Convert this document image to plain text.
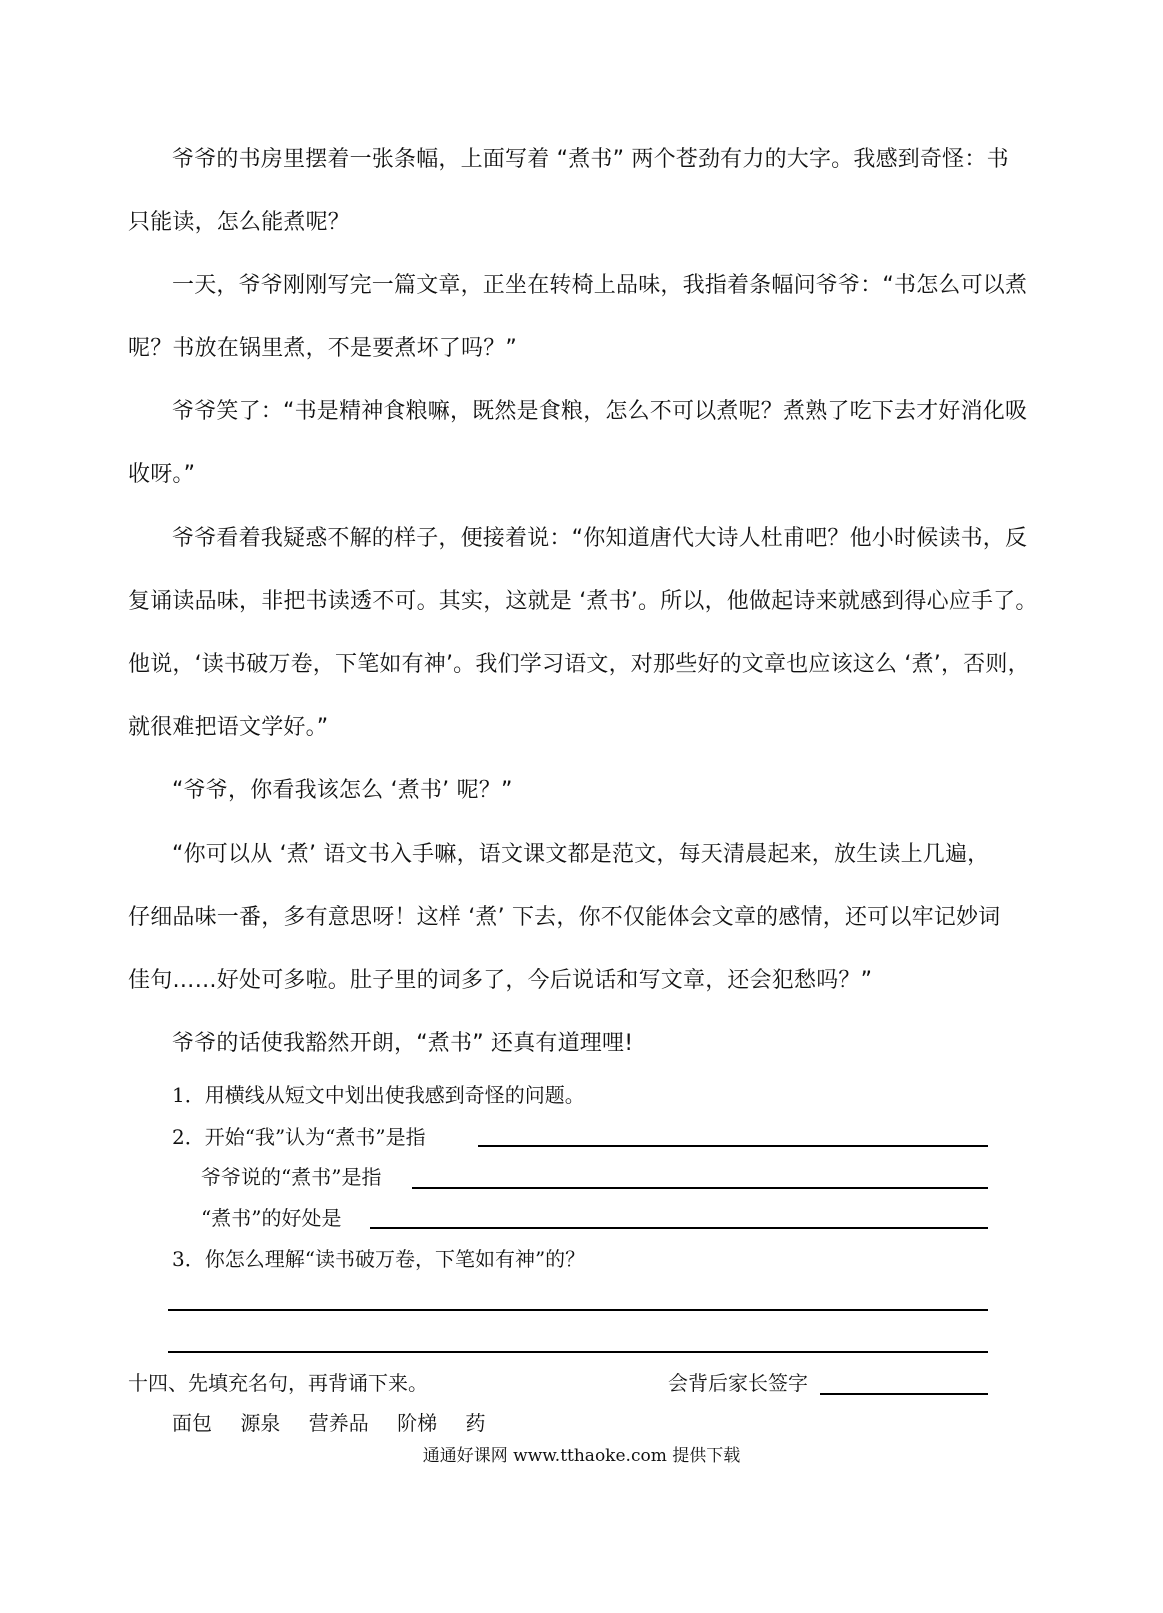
爷爷的书房里摆着一张条幅，上面写着 “煮书” 两个苍劲有力的大字。我感到奇怪：书
只能读，怎么能煮呢？
一天，爷爷刚刚写完一篇文章，正坐在转椅上品味，我指着条幅问爷爷：“书怎么可以煮
呢？书放在锅里煮，不是要煮坏了吗？”
爷爷笑了：“书是精神食粮嘛，既然是食粮，怎么不可以煮呢？煮熟了吃下去才好消化吸
收呀。”
爷爷看着我疑惑不解的样子，便接着说：“你知道唐代大诗人杜甫吧？他小时候读书，反
复诵读品味，非把书读透不可。其实，这就是 ‘煮书’。所以，他做起诗来就感到得心应手了。
他说，‘读书破万卷，下笔如有神’。我们学习语文，对那些好的文章也应该这么 ‘煮’，否则，
就很难把语文学好。”
“爷爷，你看我该怎么 ‘煮书’ 呢？”
“你可以从 ‘煮’ 语文书入手嘛，语文课文都是范文，每天清晨起来，放生读上几遍，
仔细品味一番，多有意思呀！这样 ‘煮’ 下去，你不仅能体会文章的感情，还可以牢记妙词
佳句……好处可多啦。肚子里的词多了，今后说话和写文章，还会犯愁吗？”
爷爷的话使我豁然开朗，“煮书” 还真有道理哩!
1．用横线从短文中划出使我感到奇怪的问题。
2．开始“我”认为“煮书”是指
爷爷说的“煮书”是指
“煮书”的好处是
3．你怎么理解“读书破万卷，下笔如有神”的？
十四、先填充名句，再背诵下来。	会背后家长签字
面包 源泉 营养品 阶梯 药
通通好课网 www.tthaoke.com 提供下载
